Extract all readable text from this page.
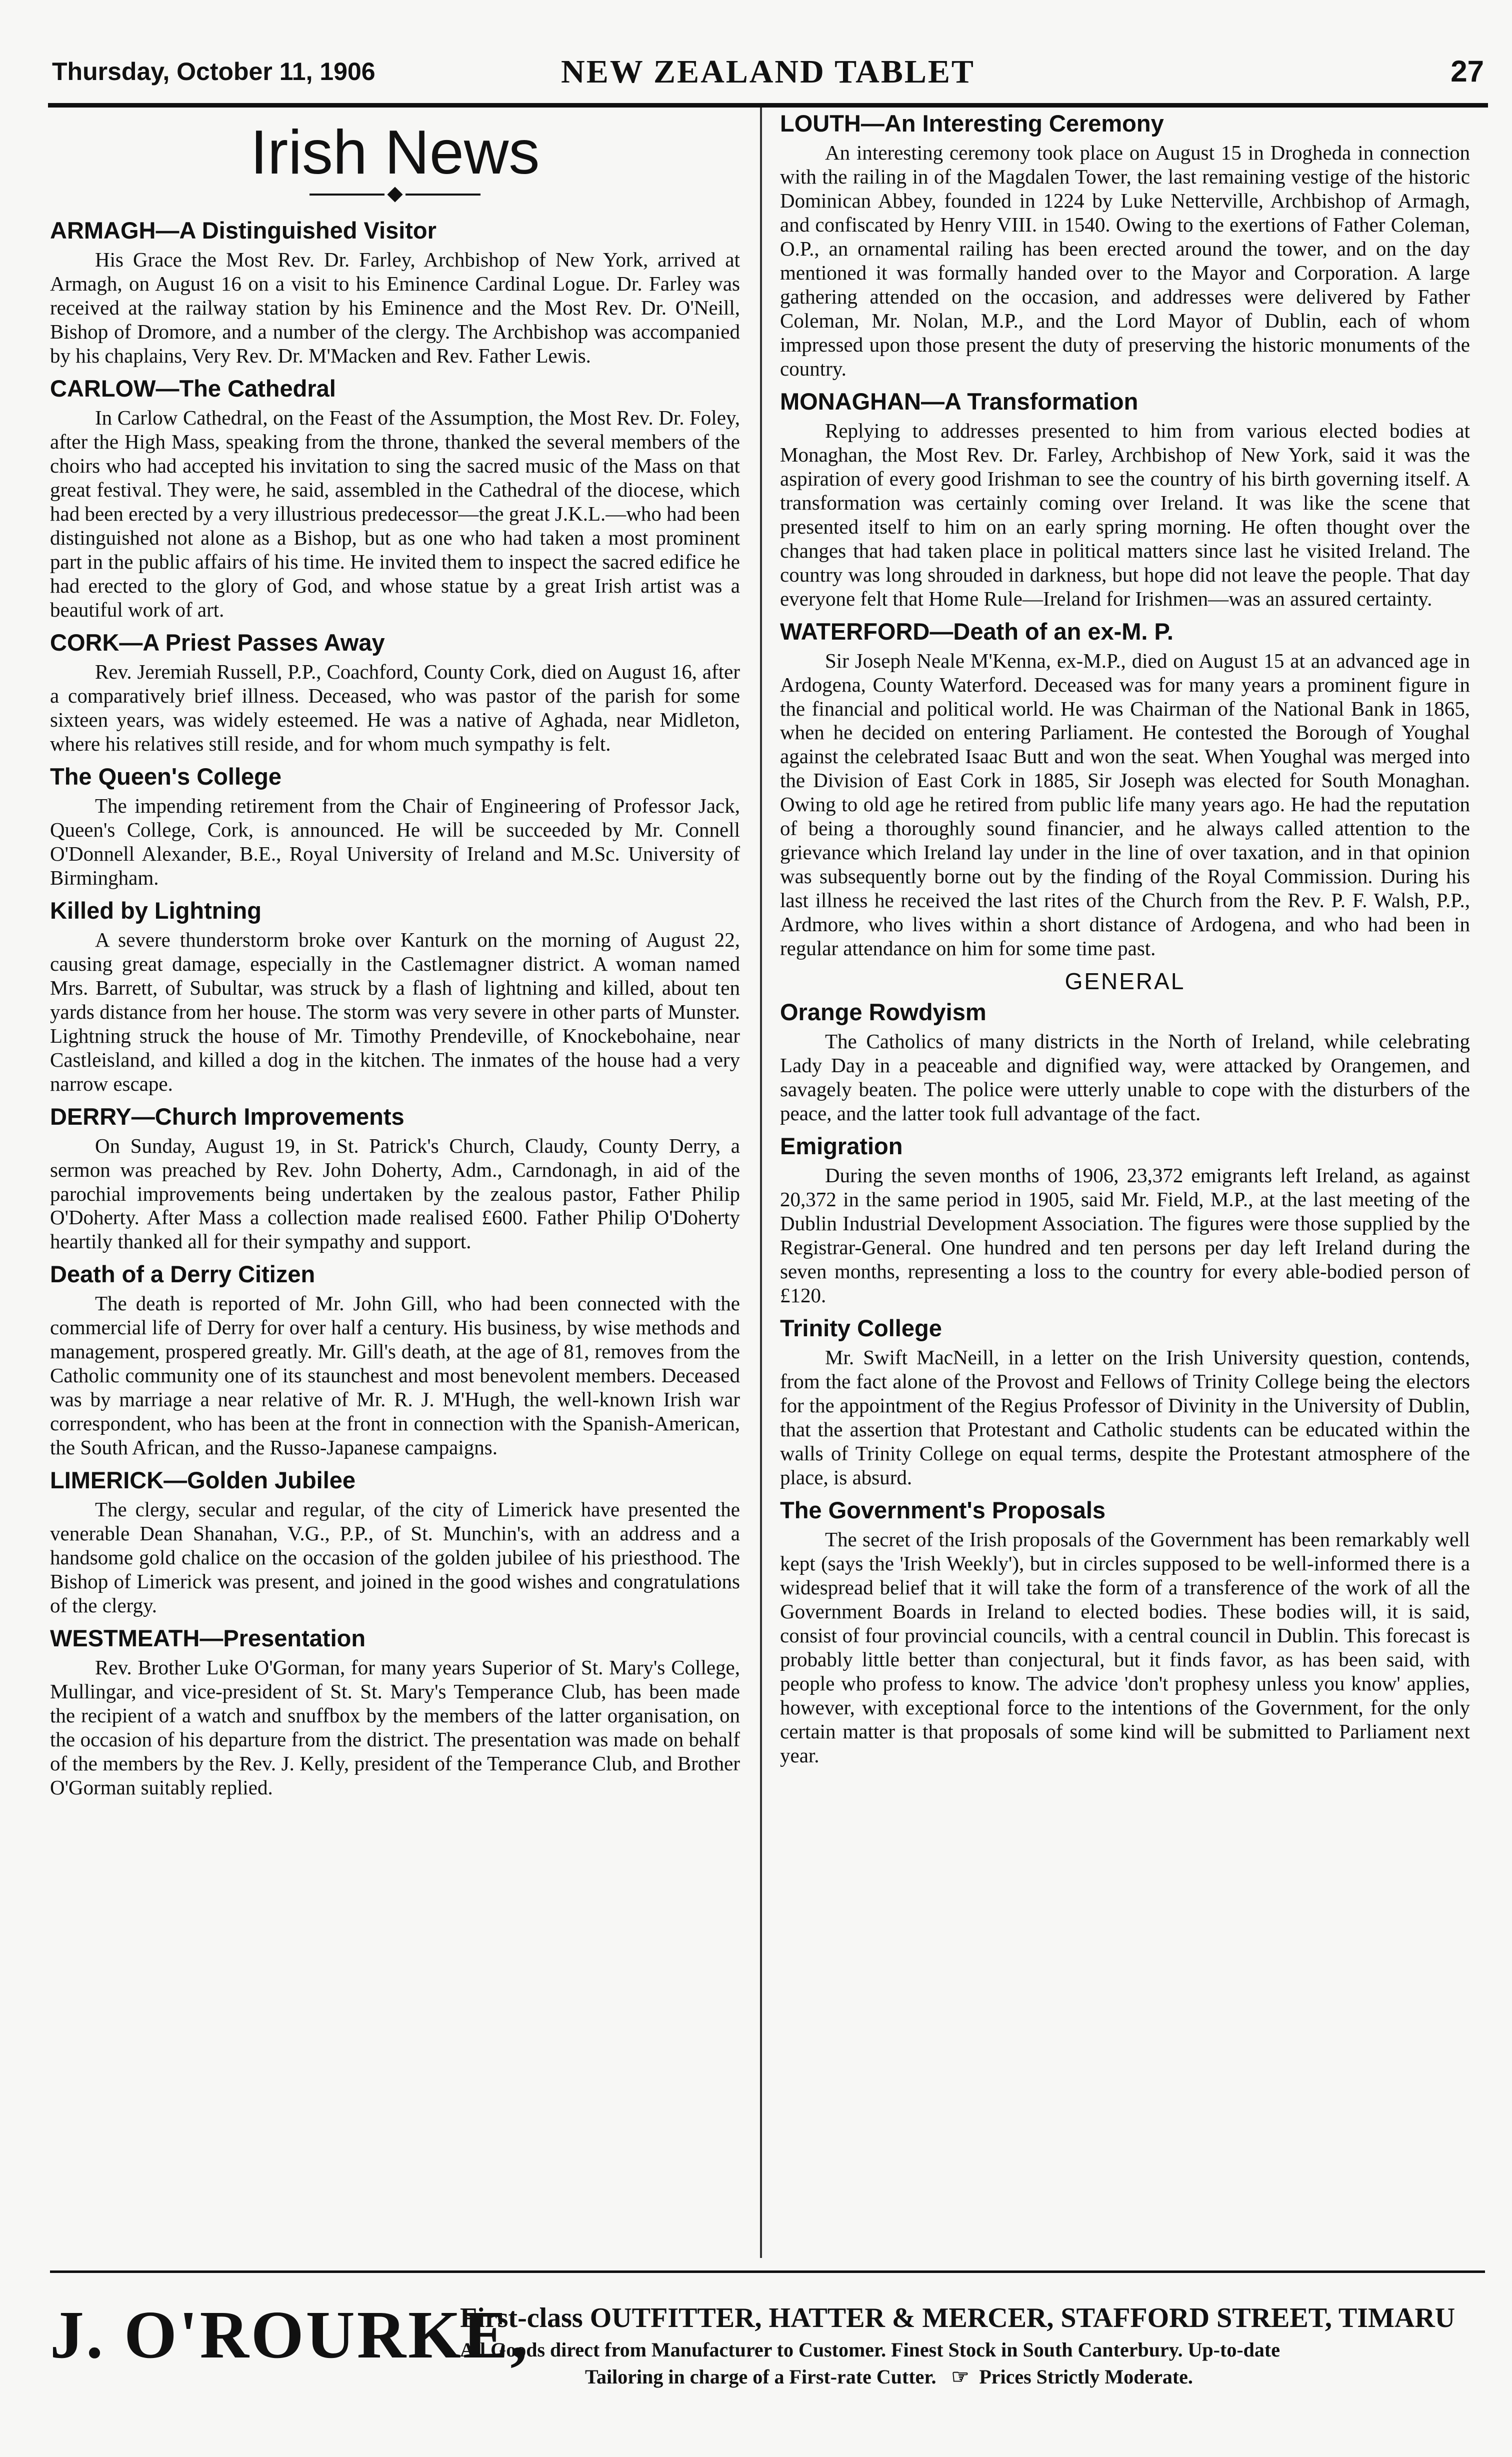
Thursday, October 11, 1906	NEW ZEALAND TABLET	27
Irish News
ARMAGH—A Distinguished Visitor

His Grace the Most Rev. Dr. Farley, Archbishop of New York, arrived at Armagh, on August 16 on a visit to his Eminence Cardinal Logue. Dr. Farley was received at the railway station by his Eminence and the Most Rev. Dr. O'Neill, Bishop of Dromore, and a number of the clergy. The Archbishop was accompanied by his chaplains, Very Rev. Dr. M'Macken and Rev. Father Lewis.

CARLOW—The Cathedral

In Carlow Cathedral, on the Feast of the Assumption, the Most Rev. Dr. Foley, after the High Mass, speaking from the throne, thanked the several members of the choirs who had accepted his invitation to sing the sacred music of the Mass on that great festival. They were, he said, assembled in the Cathedral of the diocese, which had been erected by a very illustrious predecessor—the great J.K.L.—who had been distinguished not alone as a Bishop, but as one who had taken a most prominent part in the public affairs of his time. He invited them to inspect the sacred edifice he had erected to the glory of God, and whose statue by a great Irish artist was a beautiful work of art.

CORK—A Priest Passes Away

Rev. Jeremiah Russell, P.P., Coachford, County Cork, died on August 16, after a comparatively brief illness. Deceased, who was pastor of the parish for some sixteen years, was widely esteemed. He was a native of Aghada, near Midleton, where his relatives still reside, and for whom much sympathy is felt.

The Queen's College

The impending retirement from the Chair of Engineering of Professor Jack, Queen's College, Cork, is announced. He will be succeeded by Mr. Connell O'Donnell Alexander, B.E., Royal University of Ireland and M.Sc. University of Birmingham.

Killed by Lightning

A severe thunderstorm broke over Kanturk on the morning of August 22, causing great damage, especially in the Castlemagner district. A woman named Mrs. Barrett, of Subultar, was struck by a flash of lightning and killed, about ten yards distance from her house. The storm was very severe in other parts of Munster. Lightning struck the house of Mr. Timothy Prendeville, of Knockebohaine, near Castleisland, and killed a dog in the kitchen. The inmates of the house had a very narrow escape.

DERRY—Church Improvements

On Sunday, August 19, in St. Patrick's Church, Claudy, County Derry, a sermon was preached by Rev. John Doherty, Adm., Carndonagh, in aid of the parochial improvements being undertaken by the zealous pastor, Father Philip O'Doherty. After Mass a collection made realised £600. Father Philip O'Doherty heartily thanked all for their sympathy and support.

Death of a Derry Citizen

The death is reported of Mr. John Gill, who had been connected with the commercial life of Derry for over half a century. His business, by wise methods and management, prospered greatly. Mr. Gill's death, at the age of 81, removes from the Catholic community one of its staunchest and most benevolent members. Deceased was by marriage a near relative of Mr. R. J. M'Hugh, the well-known Irish war correspondent, who has been at the front in connection with the Spanish-American, the South African, and the Russo-Japanese campaigns.

LIMERICK—Golden Jubilee

The clergy, secular and regular, of the city of Limerick have presented the venerable Dean Shanahan, V.G., P.P., of St. Munchin's, with an address and a handsome gold chalice on the occasion of the golden jubilee of his priesthood. The Bishop of Limerick was present, and joined in the good wishes and congratulations of the clergy.

WESTMEATH—Presentation

Rev. Brother Luke O'Gorman, for many years Superior of St. Mary's College, Mullingar, and vice-president of St. St. Mary's Temperance Club, has been made the recipient of a watch and snuffbox by the members of the latter organisation, on the occasion of his departure from the district. The presentation was made on behalf of the members by the Rev. J. Kelly, president of the Temperance Club, and Brother O'Gorman suitably replied.

LOUTH—An Interesting Ceremony

An interesting ceremony took place on August 15 in Drogheda in connection with the railing in of the Magdalen Tower, the last remaining vestige of the historic Dominican Abbey, founded in 1224 by Luke Netterville, Archbishop of Armagh, and confiscated by Henry VIII. in 1540. Owing to the exertions of Father Coleman, O.P., an ornamental railing has been erected around the tower, and on the day mentioned it was formally handed over to the Mayor and Corporation. A large gathering attended on the occasion, and addresses were delivered by Father Coleman, Mr. Nolan, M.P., and the Lord Mayor of Dublin, each of whom impressed upon those present the duty of preserving the historic monuments of the country.

MONAGHAN—A Transformation

Replying to addresses presented to him from various elected bodies at Monaghan, the Most Rev. Dr. Farley, Archbishop of New York, said it was the aspiration of every good Irishman to see the country of his birth governing itself. A transformation was certainly coming over Ireland. It was like the scene that presented itself to him on an early spring morning. He often thought over the changes that had taken place in political matters since last he visited Ireland. The country was long shrouded in darkness, but hope did not leave the people. That day everyone felt that Home Rule—Ireland for Irishmen—was an assured certainty.

WATERFORD—Death of an ex-M. P.

Sir Joseph Neale M'Kenna, ex-M.P., died on August 15 at an advanced age in Ardogena, County Waterford. Deceased was for many years a prominent figure in the financial and political world. He was Chairman of the National Bank in 1865, when he decided on entering Parliament. He contested the Borough of Youghal against the celebrated Isaac Butt and won the seat. When Youghal was merged into the Division of East Cork in 1885, Sir Joseph was elected for South Monaghan. Owing to old age he retired from public life many years ago. He had the reputation of being a thoroughly sound financier, and he always called attention to the grievance which Ireland lay under in the line of over taxation, and in that opinion was subsequently borne out by the finding of the Royal Commission. During his last illness he received the last rites of the Church from the Rev. P. F. Walsh, P.P., Ardmore, who lives within a short distance of Ardogena, and who had been in regular attendance on him for some time past.

GENERAL
Orange Rowdyism

The Catholics of many districts in the North of Ireland, while celebrating Lady Day in a peaceable and dignified way, were attacked by Orangemen, and savagely beaten. The police were utterly unable to cope with the disturbers of the peace, and the latter took full advantage of the fact.

Emigration

During the seven months of 1906, 23,372 emigrants left Ireland, as against 20,372 in the same period in 1905, said Mr. Field, M.P., at the last meeting of the Dublin Industrial Development Association. The figures were those supplied by the Registrar-General. One hundred and ten persons per day left Ireland during the seven months, representing a loss to the country for every able-bodied person of £120.

Trinity College

Mr. Swift MacNeill, in a letter on the Irish University question, contends, from the fact alone of the Provost and Fellows of Trinity College being the electors for the appointment of the Regius Professor of Divinity in the University of Dublin, that the assertion that Protestant and Catholic students can be educated within the walls of Trinity College on equal terms, despite the Protestant atmosphere of the place, is absurd.

The Government's Proposals

The secret of the Irish proposals of the Government has been remarkably well kept (says the 'Irish Weekly'), but in circles supposed to be well-informed there is a widespread belief that it will take the form of a transference of the work of all the Government Boards in Ireland to elected bodies. These bodies will, it is said, consist of four provincial councils, with a central council in Dublin. This forecast is probably little better than conjectural, but it finds favor, as has been said, with people who profess to know. The advice 'don't prophesy unless you know' applies, however, with exceptional force to the intentions of the Government, for the only certain matter is that proposals of some kind will be submitted to Parliament next year.

J. O'ROURKE,
First-class OUTFITTER, HATTER & MERCER, STAFFORD STREET, TIMARU
All Goods direct from Manufacturer to Customer. Finest Stock in South Canterbury. Up-to-date
Tailoring in charge of a First-rate Cutter. ☞ Prices Strictly Moderate.
